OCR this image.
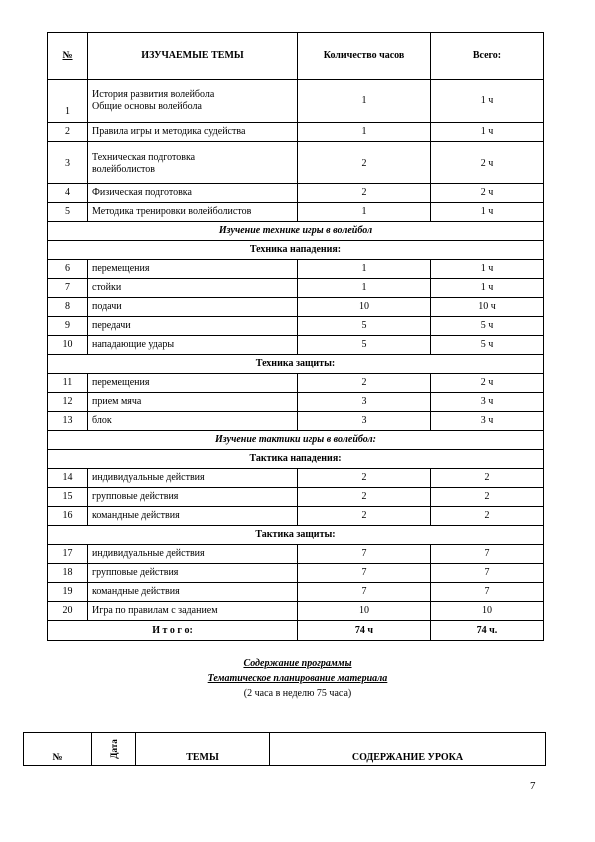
№	ИЗУЧАЕМЫЕ ТЕМЫ	Количество часов	Всего:
1	История развития волейбола
Общие основы волейбола	1	1 ч
2	Правила игры и методика судейства	1	1 ч
3	Техническая подготовка
волейболистов	2	2 ч
4	Физическая подготовка	2	2 ч
5	Методика тренировки волейболистов	1	1 ч
Изучение технике игры в волейбол			
Техника нападения:			
6	перемещения	1	1 ч
7	стойки	1	1 ч
8	подачи	10	10 ч
9	передачи	5	5 ч
10	нападающие удары	5	5 ч
Техника защиты:			
11	перемещения	2	2 ч
12	прием мяча	3	3 ч
13	блок	3	3 ч
Изучение тактики игры в волейбол:			
Тактика нападения:			
14	индивидуальные действия	2	2
15	групповые действия	2	2
16	командные действия	2	2
Тактика защиты:			
17	индивидуальные действия	7	7
18	групповые действия	7	7
19	командные действия	7	7
20	Игра по правилам с заданием	10	10
И т о г о:		74 ч	74 ч.
Содержание программы
Тематическое планирование материала
(2 часа в неделю 75 часа)
№	Дата	ТЕМЫ	СОДЕРЖАНИЕ УРОКА
7
